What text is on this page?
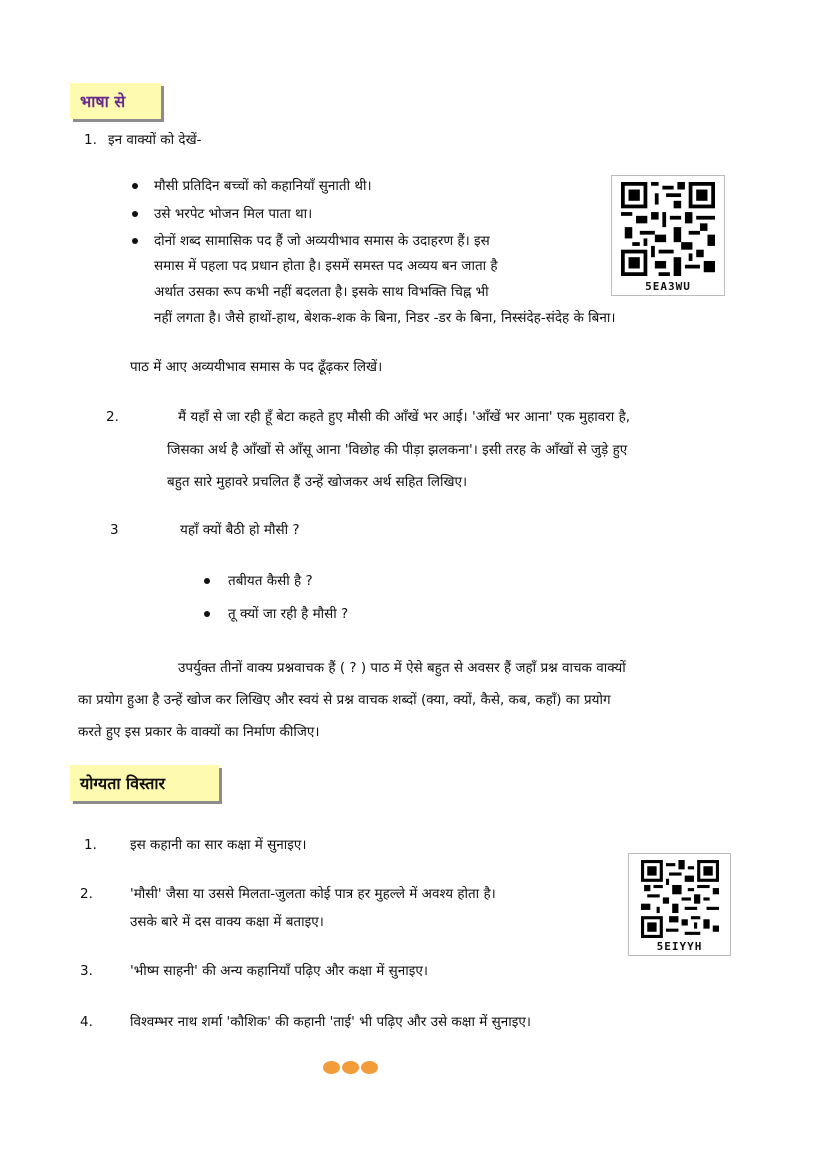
भाषा से
1. इन वाक्यों को देखें-
मौसी प्रतिदिन बच्चों को कहानियाँ सुनाती थी।
उसे भरपेट भोजन मिल पाता था।
दोनों शब्द सामासिक पद हैं जो अव्ययीभाव समास के उदाहरण हैं। इस
समास में पहला पद प्रधान होता है। इसमें समस्त पद अव्यय बन जाता है
अर्थात उसका रूप कभी नहीं बदलता है। इसके साथ विभक्ति चिह्न भी
नहीं लगता है। जैसे हाथों-हाथ, बेशक-शक के बिना, निडर -डर के बिना, निस्संदेह-संदेह के बिना।
पाठ में आए अव्ययीभाव समास के पद ढूँढ़कर लिखें।
5EA3WU
2.	मैं यहाँ से जा रही हूँ बेटा कहते हुए मौसी की आँखें भर आई। 'आँखें भर आना' एक मुहावरा है,
जिसका अर्थ है आँखों से आँसू आना 'विछोह की पीड़ा झलकना'। इसी तरह के आँखों से जुड़े हुए
बहुत सारे मुहावरे प्रचलित हैं उन्हें खोजकर अर्थ सहित लिखिए।
3	यहाँ क्यों बैठी हो मौसी ?
तबीयत कैसी है ?
तू क्यों जा रही है मौसी ?
उपर्युक्त तीनों वाक्य प्रश्नवाचक हैं ( ? ) पाठ में ऐसे बहुत से अवसर हैं जहाँ प्रश्न वाचक वाक्यों
का प्रयोग हुआ है उन्हें खोज कर लिखिए और स्वयं से प्रश्न वाचक शब्दों (क्या, क्यों, कैसे, कब, कहाँ) का प्रयोग
करते हुए इस प्रकार के वाक्यों का निर्माण कीजिए।
योग्यता विस्तार
1. इस कहानी का सार कक्षा में सुनाइए।
2.	'मौसी' जैसा या उससे मिलता-जुलता कोई पात्र हर मुहल्ले में अवश्य होता है।
उसके बारे में दस वाक्य कक्षा में बताइए।
3.	'भीष्म साहनी' की अन्य कहानियाँ पढ़िए और कक्षा में सुनाइए।
4.	विश्वम्भर नाथ शर्मा 'कौशिक' की कहानी 'ताई' भी पढ़िए और उसे कक्षा में सुनाइए।
5EIYYH
